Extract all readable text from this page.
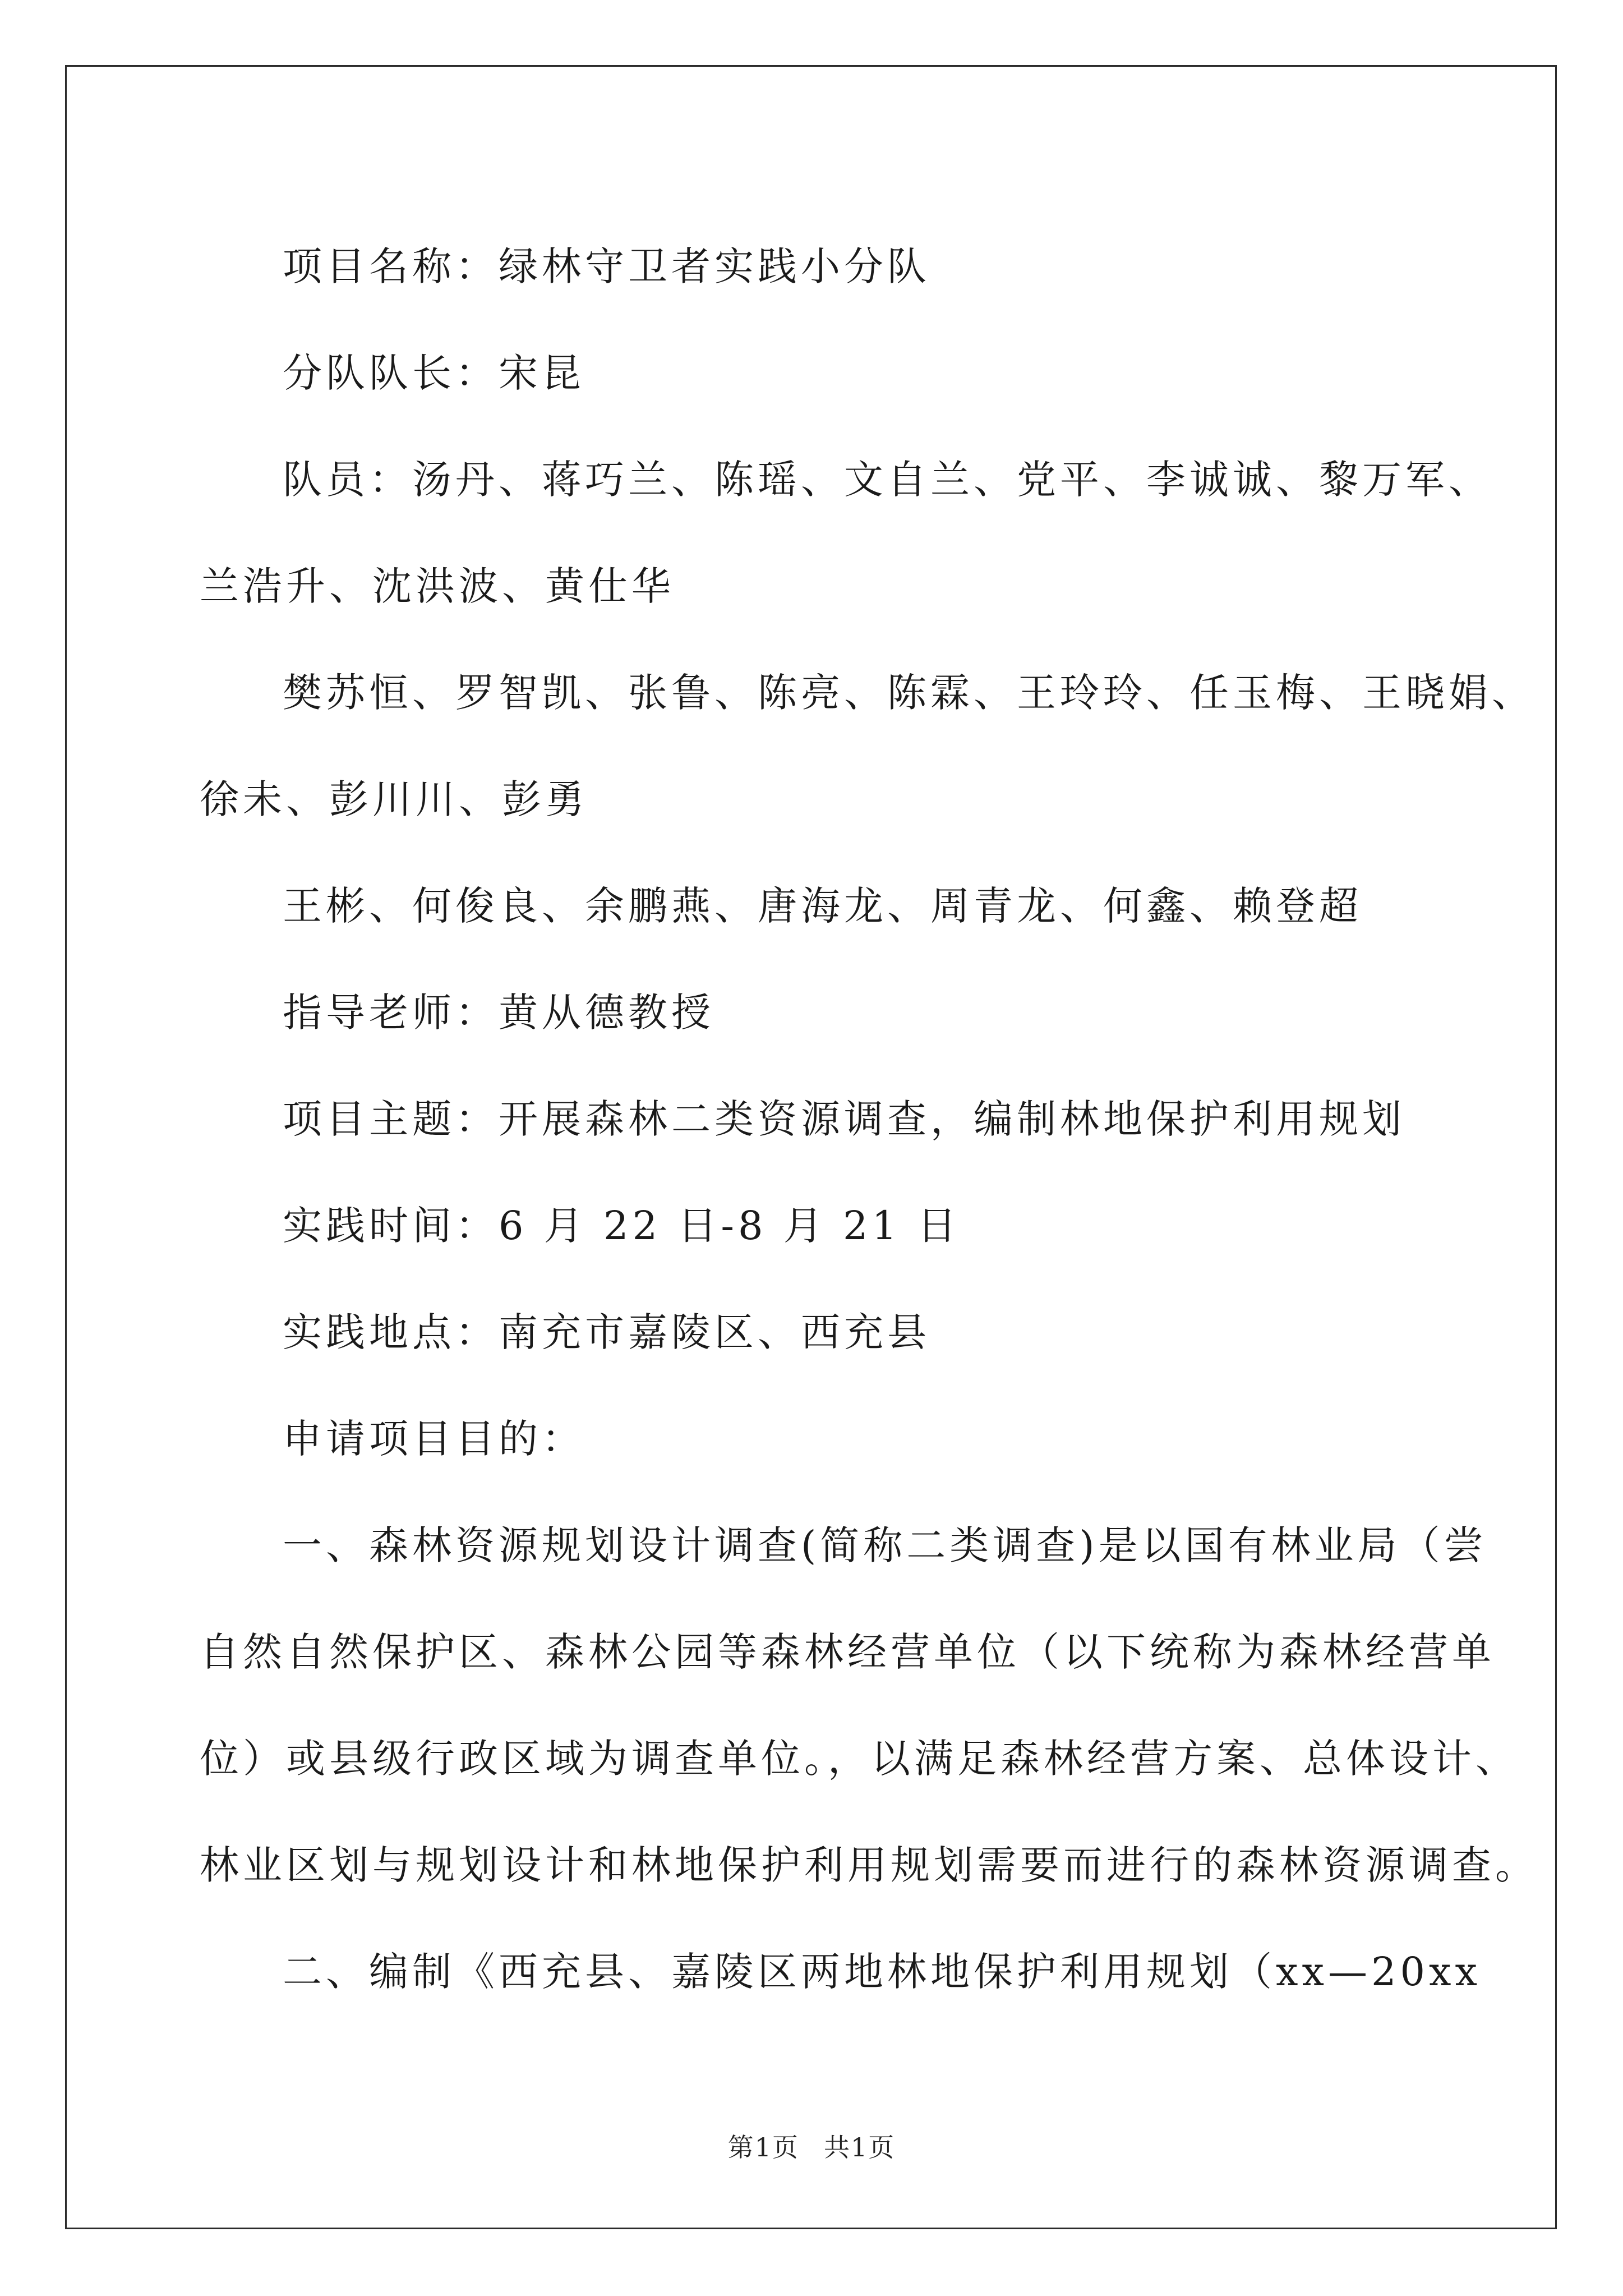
项目名称：绿林守卫者实践小分队
分队队长：宋昆
队员：汤丹、蒋巧兰、陈瑶、文自兰、党平、李诚诚、黎万军、
兰浩升、沈洪波、黄仕华
樊苏恒、罗智凯、张鲁、陈亮、陈霖、王玲玲、任玉梅、王晓娟、
徐未、彭川川、彭勇
王彬、何俊良、余鹏燕、唐海龙、周青龙、何鑫、赖登超
指导老师：黄从德教授
项目主题：开展森林二类资源调查，编制林地保护利用规划
实践时间：6 月 22 日-8 月 21 日
实践地点：南充市嘉陵区、西充县
申请项目目的：
一、森林资源规划设计调查(简称二类调查)是以国有林业局（尝
自然自然保护区、森林公园等森林经营单位（以下统称为森林经营单
位）或县级行政区域为调查单位。，以满足森林经营方案、总体设计、
林业区划与规划设计和林地保护利用规划需要而进行的森林资源调查。
二、编制《西充县、嘉陵区两地林地保护利用规划（xx—20xx
第1页 共1页
